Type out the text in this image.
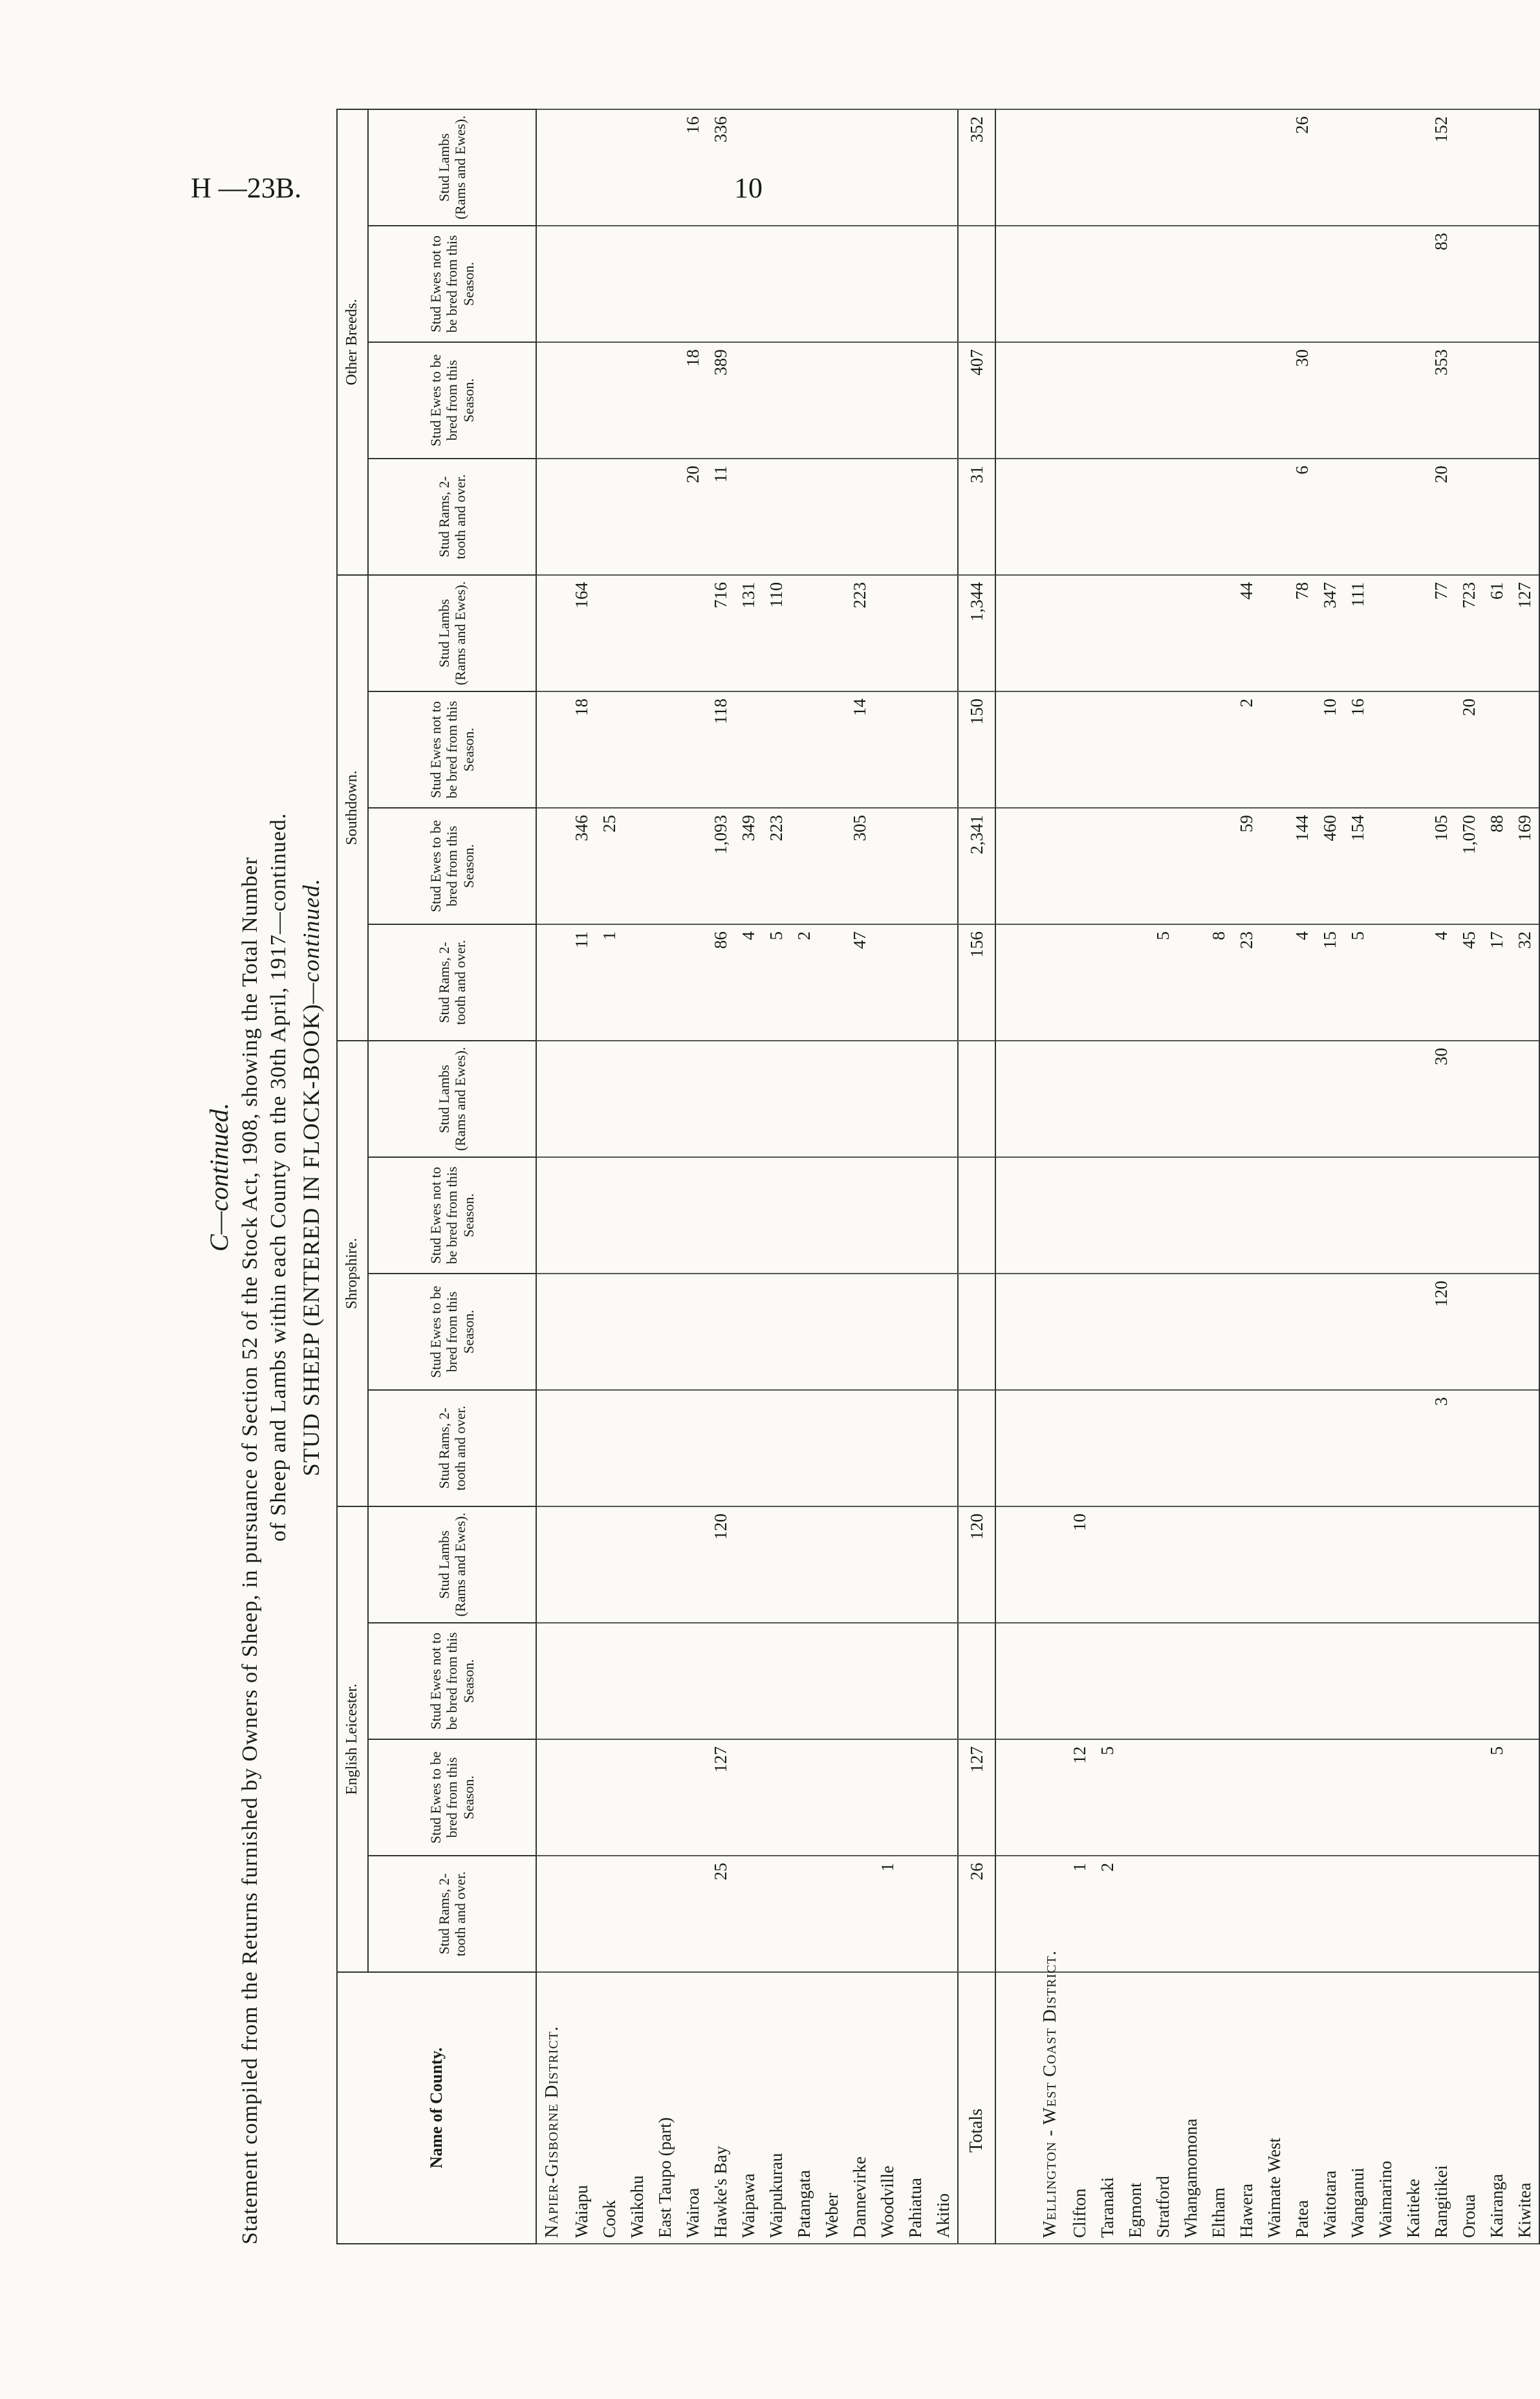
H —23B.	10
C—continued. Statement compiled from the Returns furnished by Owners of Sheep, in pursuance of Section 52 of the Stock Act, 1908, showing the Total Number of Sheep and Lambs within each County on the 30th April, 1917—continued. STUD SHEEP (ENTERED IN FLOCK-BOOK)—continued.
Name of County.	English Leicester.				Shropshire.				Southdown.				Other Breeds.			
	Stud Rams, 2-tooth and over.	Stud Ewes to be bred from this Season.	Stud Ewes not to be bred from this Season.	Stud Lambs (Rams and Ewes).	Stud Rams, 2-tooth and over.	Stud Ewes to be bred from this Season.	Stud Ewes not to be bred from this Season.	Stud Lambs (Rams and Ewes).	Stud Rams, 2-tooth and over.	Stud Ewes to be bred from this Season.	Stud Ewes not to be bred from this Season.	Stud Lambs (Rams and Ewes).	Stud Rams, 2-tooth and over.	Stud Ewes to be bred from this Season.	Stud Ewes not to be bred from this Season.	Stud Lambs (Rams and Ewes).
Napier-Gisborne District.																
Waiapu									11	346	18	164				
Cook									1	25						
Waikohu																
East Taupo (part)																
Wairoa													20	18		16
Hawke's Bay	25	127		120					86	1,093	118	716	11	389		336
Waipawa									4	349		131				
Waipukurau									5	223		110				
Patangata									2							
Weber																
Dannevirke									47	305	14	223				
Woodville	1															
Pahiatua																
Akitio																
Totals	26	127		120					156	2,341	150	1,344	31	407		352

Wellington - West Coast District.																
Clifton	1	12		10												
Taranaki	2	5														
Egmont																
Stratford									5							
Whangamomona																
Eltham									8							
Hawera									23	59	2	44				
Waimate West																
Patea									4	144		78	6	30		26
Waitotara									15	460	10	347				
Wanganui									5	154	16	111				
Waimarino																
Kaitieke																
Rangitikei					3	120		30	4	105		77	20	353	83	152
Oroua									45	1,070	20	723				
Kairanga		5							17	88		61				
Kiwitea									32	169		127				
